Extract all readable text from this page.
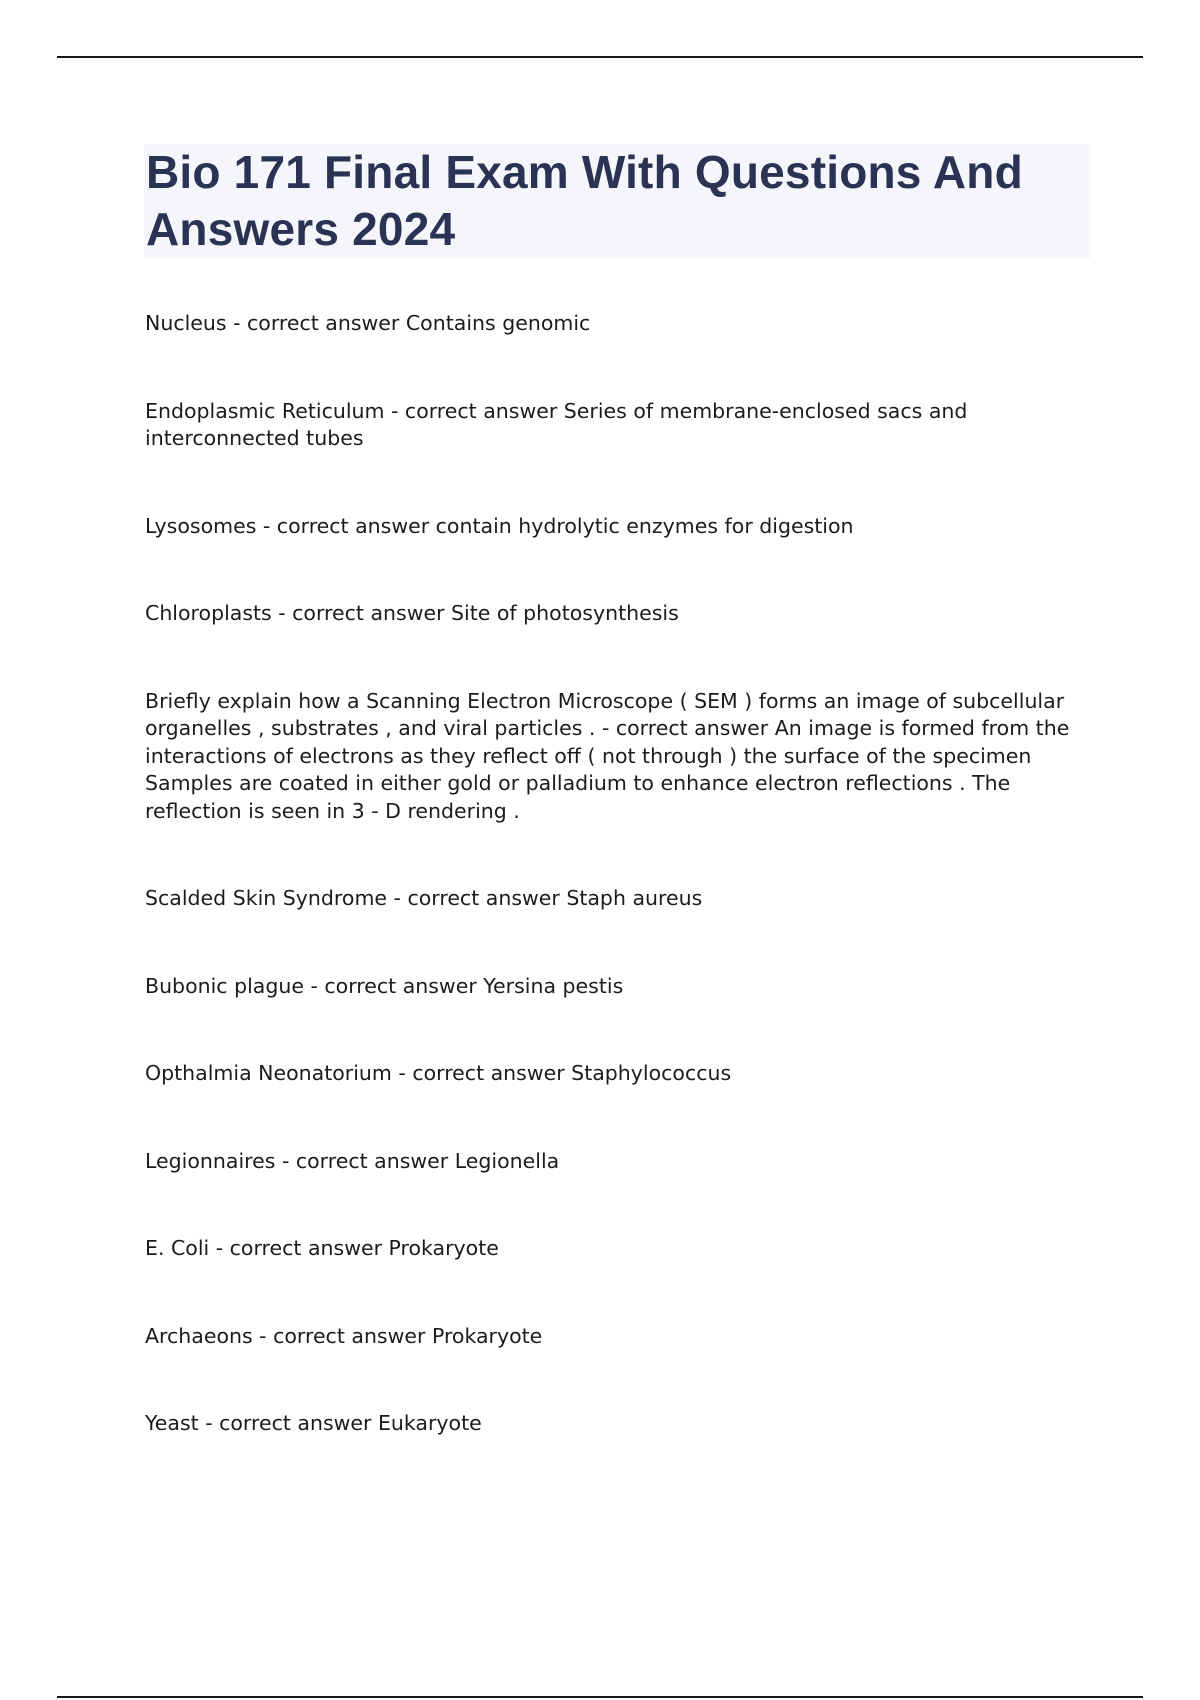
Bio 171 Final Exam With Questions And Answers 2024
Nucleus - correct answer Contains genomic
Endoplasmic Reticulum - correct answer Series of membrane-enclosed sacs and interconnected tubes
Lysosomes - correct answer contain hydrolytic enzymes for digestion
Chloroplasts - correct answer Site of photosynthesis
Briefly explain how a Scanning Electron Microscope ( SEM ) forms an image of subcellular organelles , substrates , and viral particles . - correct answer An image is formed from the interactions of electrons as they reflect off ( not through ) the surface of the specimen Samples are coated in either gold or palladium to enhance electron reflections . The reflection is seen in 3 - D rendering .
Scalded Skin Syndrome - correct answer Staph aureus
Bubonic plague - correct answer Yersina pestis
Opthalmia Neonatorium - correct answer Staphylococcus
Legionnaires - correct answer Legionella
E. Coli - correct answer Prokaryote
Archaeons - correct answer Prokaryote
Yeast - correct answer Eukaryote
